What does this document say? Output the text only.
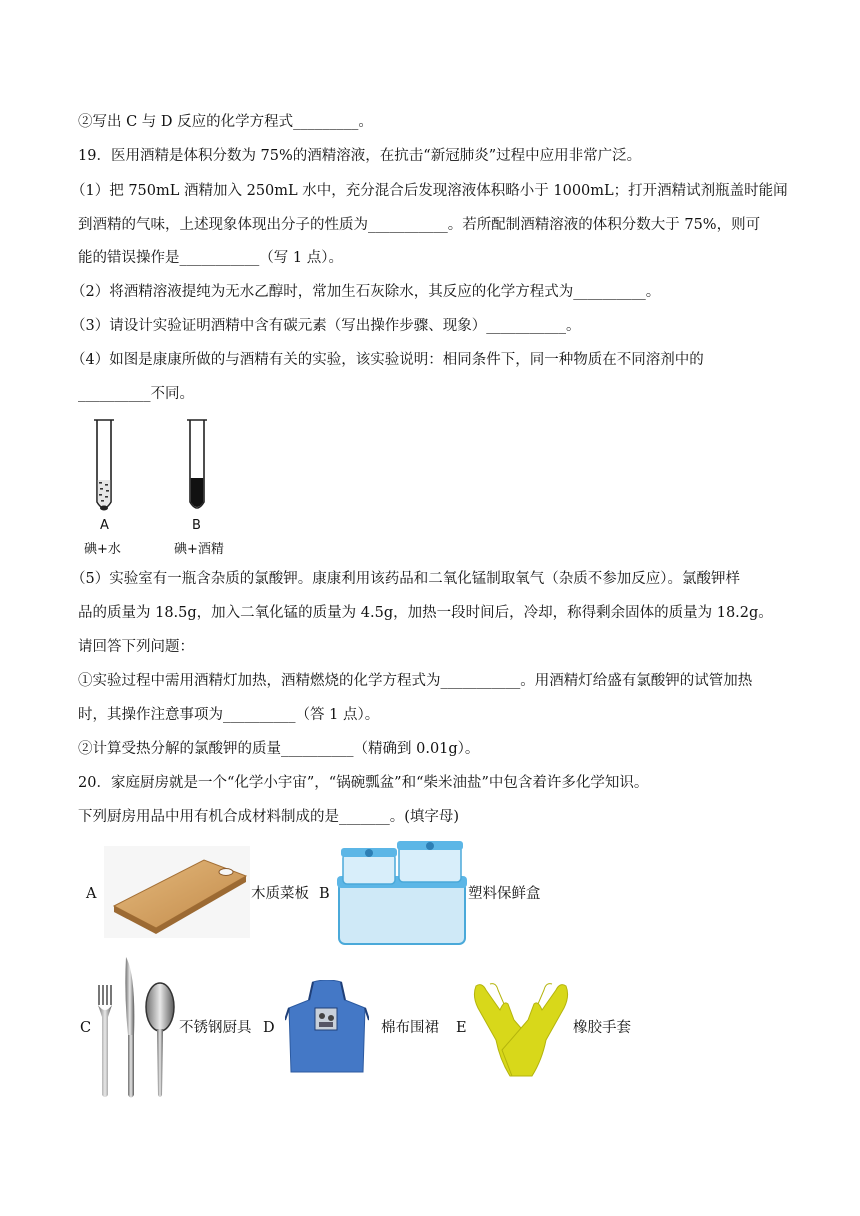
②写出 C 与 D 反应的化学方程式_________。
19．医用酒精是体积分数为 75%的酒精溶液，在抗击“新冠肺炎”过程中应用非常广泛。
（1）把 750mL 酒精加入 250mL 水中，充分混合后发现溶液体积略小于 1000mL；打开酒精试剂瓶盖时能闻
到酒精的气味，上述现象体现出分子的性质为___________。若所配制酒精溶液的体积分数大于 75%，则可
能的错误操作是___________（写 1 点）。
（2）将酒精溶液提纯为无水乙醇时，常加生石灰除水，其反应的化学方程式为__________。
（3）请设计实验证明酒精中含有碳元素（写出操作步骤、现象）___________。
（4）如图是康康所做的与酒精有关的实验，该实验说明：相同条件下，同一种物质在不同溶剂中的
__________不同。
A
碘+水
B
碘+酒精
（5）实验室有一瓶含杂质的氯酸钾。康康利用该药品和二氧化锰制取氧气（杂质不参加反应）。氯酸钾样
品的质量为 18.5g，加入二氧化锰的质量为 4.5g，加热一段时间后，冷却，称得剩余固体的质量为 18.2g。
请回答下列问题：
①实验过程中需用酒精灯加热，酒精燃烧的化学方程式为___________。用酒精灯给盛有氯酸钾的试管加热
时，其操作注意事项为__________（答 1 点）。
②计算受热分解的氯酸钾的质量__________（精确到 0.01g）。
20．家庭厨房就是一个“化学小宇宙”，“锅碗瓢盆”和“柴米油盐”中包含着许多化学知识。
下列厨房用品中用有机合成材料制成的是_______。(填字母)
A	木质菜板 B	塑料保鲜盒
C	不锈钢厨具 D	棉布围裙 E	橡胶手套
